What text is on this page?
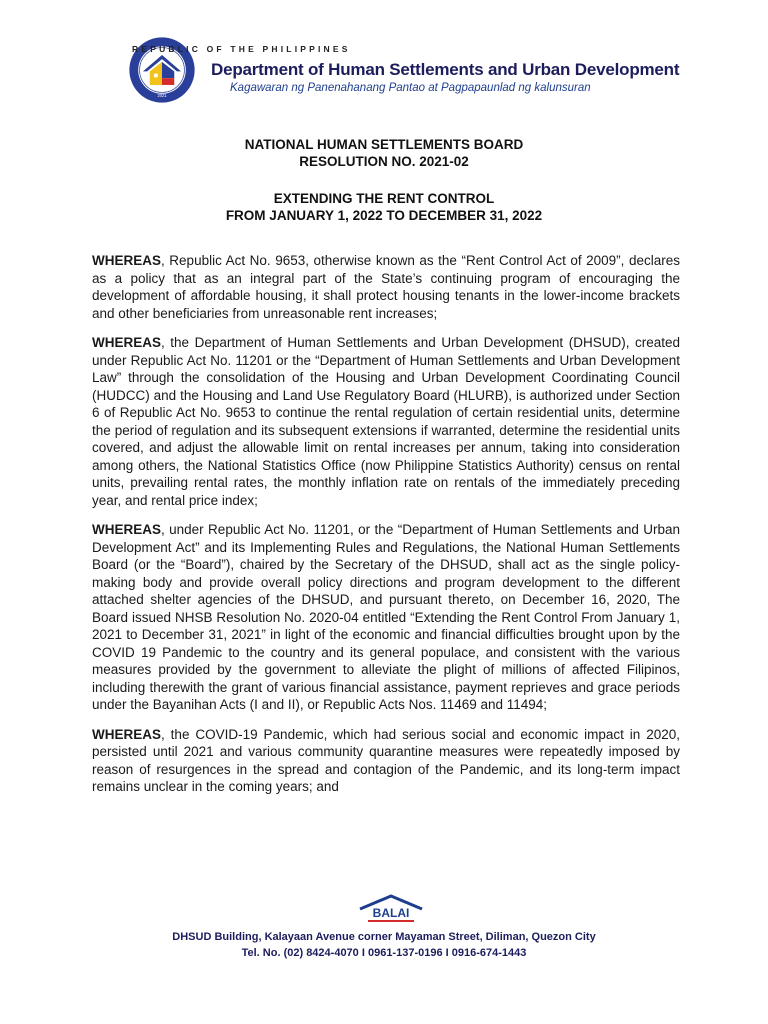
2021
REPUBLIC OF THE PHILIPPINES
Department of Human Settlements and Urban Development
Kagawaran ng Panenahanang Pantao at Pagpapaunlad ng kalunsuran
NATIONAL HUMAN SETTLEMENTS BOARD
RESOLUTION NO. 2021-02
EXTENDING THE RENT CONTROL
FROM JANUARY 1, 2022 TO DECEMBER 31, 2022

WHEREAS, Republic Act No. 9653, otherwise known as the “Rent Control Act of 2009”, declares as a policy that as an integral part of the State’s continuing program of encouraging the development of affordable housing, it shall protect housing tenants in the lower-income brackets and other beneficiaries from unreasonable rent increases;

WHEREAS, the Department of Human Settlements and Urban Development (DHSUD), created under Republic Act No. 11201 or the “Department of Human Settlements and Urban Development Law” through the consolidation of the Housing and Urban Development Coordinating Council (HUDCC) and the Housing and Land Use Regulatory Board (HLURB), is authorized under Section 6 of Republic Act No. 9653 to continue the rental regulation of certain residential units, determine the period of regulation and its subsequent extensions if warranted, determine the residential units covered, and adjust the allowable limit on rental increases per annum, taking into consideration among others, the National Statistics Office (now Philippine Statistics Authority) census on rental units, prevailing rental rates, the monthly inflation rate on rentals of the immediately preceding year, and rental price index;

WHEREAS, under Republic Act No. 11201, or the “Department of Human Settlements and Urban Development Act” and its Implementing Rules and Regulations, the National Human Settlements Board (or the “Board”), chaired by the Secretary of the DHSUD, shall act as the single policy-making body and provide overall policy directions and program development to the different attached shelter agencies of the DHSUD, and pursuant thereto, on December 16, 2020, The Board issued NHSB Resolution No. 2020-04 entitled “Extending the Rent Control From January 1, 2021 to December 31, 2021” in light of the economic and financial difficulties brought upon by the COVID 19 Pandemic to the country and its general populace, and consistent with the various measures provided by the government to alleviate the plight of millions of affected Filipinos, including therewith the grant of various financial assistance, payment reprieves and grace periods under the Bayanihan Acts (I and II), or Republic Acts Nos. 11469 and 11494;

WHEREAS, the COVID-19 Pandemic, which had serious social and economic impact in 2020, persisted until 2021 and various community quarantine measures were repeatedly imposed by reason of resurgences in the spread and contagion of the Pandemic, and its long-term impact remains unclear in the coming years; and

BALAI
DHSUD Building, Kalayaan Avenue corner Mayaman Street, Diliman, Quezon City
Tel. No. (02) 8424-4070 I 0961-137-0196 I 0916-674-1443
